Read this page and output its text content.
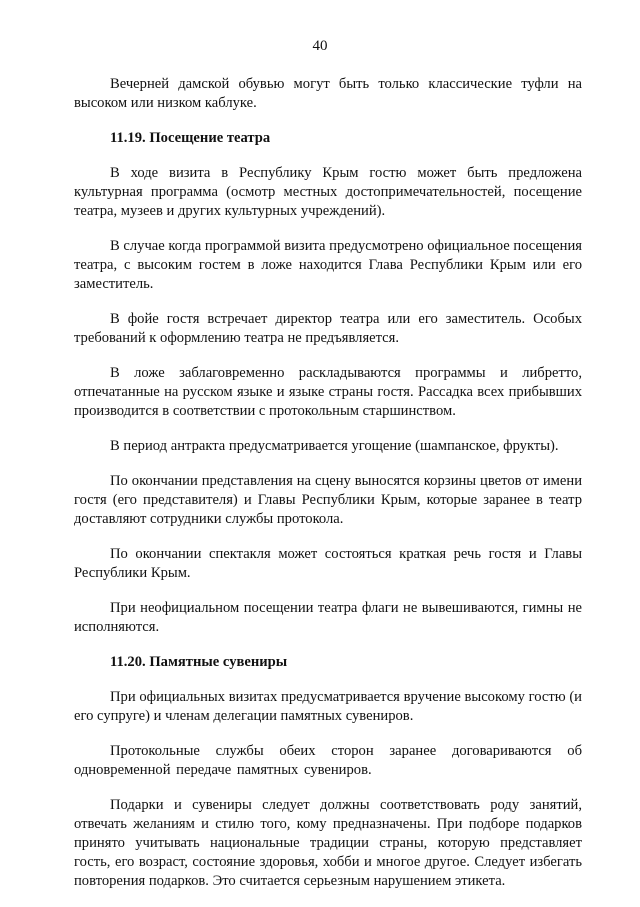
40

Вечерней дамской обувью могут быть только классические туфли на высоком или низком каблуке.

11.19. Посещение театра

В ходе визита в Республику Крым гостю может быть предложена культурная программа (осмотр местных достопримечательностей, посещение театра, музеев и других культурных учреждений).

В случае когда программой визита предусмотрено официальное посещения театра, с высоким гостем в ложе находится Глава Республики Крым или его заместитель.

В фойе гостя встречает директор театра или его заместитель. Особых требований к оформлению театра не предъявляется.

В ложе заблаговременно раскладываются программы и либретто, отпечатанные на русском языке и языке страны гостя. Рассадка всех прибывших производится в соответствии с протокольным старшинством.

В период антракта предусматривается угощение (шампанское, фрукты).

По окончании представления на сцену выносятся корзины цветов от имени гостя (его представителя) и Главы Республики Крым, которые заранее в театр доставляют сотрудники службы протокола.

По окончании спектакля может состояться краткая речь гостя и Главы Республики Крым.

При неофициальном посещении театра флаги не вывешиваются, гимны не исполняются.

11.20. Памятные сувениры

При официальных визитах предусматривается вручение высокому гостю (и его супруге) и членам делегации памятных сувениров.

Протокольные службы обеих сторон заранее договариваются об одновременной передаче памятных сувениров.

Подарки и сувениры следует должны соответствовать роду занятий, отвечать желаниям и стилю того, кому предназначены. При подборе подарков принято учитывать национальные традиции страны, которую представляет гость, его возраст, состояние здоровья, хобби и многое другое. Следует избегать повторения подарков. Это считается серьезным нарушением этикета.
